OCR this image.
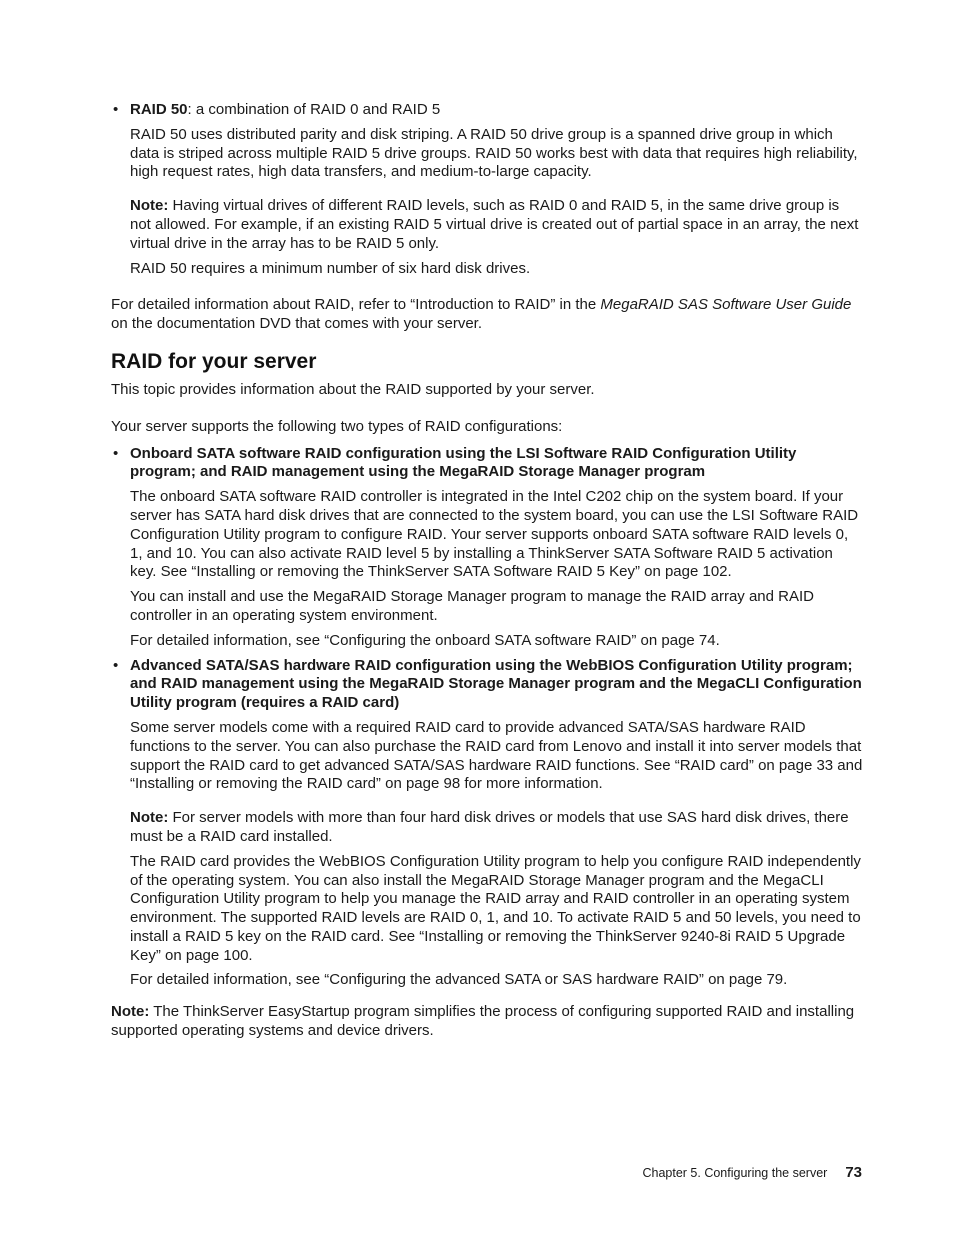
• RAID 50: a combination of RAID 0 and RAID 5

RAID 50 uses distributed parity and disk striping. A RAID 50 drive group is a spanned drive group in which data is striped across multiple RAID 5 drive groups. RAID 50 works best with data that requires high reliability, high request rates, high data transfers, and medium-to-large capacity.

Note: Having virtual drives of different RAID levels, such as RAID 0 and RAID 5, in the same drive group is not allowed. For example, if an existing RAID 5 virtual drive is created out of partial space in an array, the next virtual drive in the array has to be RAID 5 only.

RAID 50 requires a minimum number of six hard disk drives.

For detailed information about RAID, refer to “Introduction to RAID” in the MegaRAID SAS Software User Guide on the documentation DVD that comes with your server.

RAID for your server

This topic provides information about the RAID supported by your server.

Your server supports the following two types of RAID configurations:

• Onboard SATA software RAID configuration using the LSI Software RAID Configuration Utility program; and RAID management using the MegaRAID Storage Manager program

The onboard SATA software RAID controller is integrated in the Intel C202 chip on the system board. If your server has SATA hard disk drives that are connected to the system board, you can use the LSI Software RAID Configuration Utility program to configure RAID. Your server supports onboard SATA software RAID levels 0, 1, and 10. You can also activate RAID level 5 by installing a ThinkServer SATA Software RAID 5 activation key. See “Installing or removing the ThinkServer SATA Software RAID 5 Key” on page 102.

You can install and use the MegaRAID Storage Manager program to manage the RAID array and RAID controller in an operating system environment.

For detailed information, see “Configuring the onboard SATA software RAID” on page 74.

• Advanced SATA/SAS hardware RAID configuration using the WebBIOS Configuration Utility program; and RAID management using the MegaRAID Storage Manager program and the MegaCLI Configuration Utility program (requires a RAID card)

Some server models come with a required RAID card to provide advanced SATA/SAS hardware RAID functions to the server. You can also purchase the RAID card from Lenovo and install it into server models that support the RAID card to get advanced SATA/SAS hardware RAID functions. See “RAID card” on page 33 and “Installing or removing the RAID card” on page 98 for more information.

Note: For server models with more than four hard disk drives or models that use SAS hard disk drives, there must be a RAID card installed.

The RAID card provides the WebBIOS Configuration Utility program to help you configure RAID independently of the operating system. You can also install the MegaRAID Storage Manager program and the MegaCLI Configuration Utility program to help you manage the RAID array and RAID controller in an operating system environment. The supported RAID levels are RAID 0, 1, and 10. To activate RAID 5 and 50 levels, you need to install a RAID 5 key on the RAID card. See “Installing or removing the ThinkServer 9240-8i RAID 5 Upgrade Key” on page 100.

For detailed information, see “Configuring the advanced SATA or SAS hardware RAID” on page 79.

Note: The ThinkServer EasyStartup program simplifies the process of configuring supported RAID and installing supported operating systems and device drivers.

Chapter 5. Configuring the server 73
